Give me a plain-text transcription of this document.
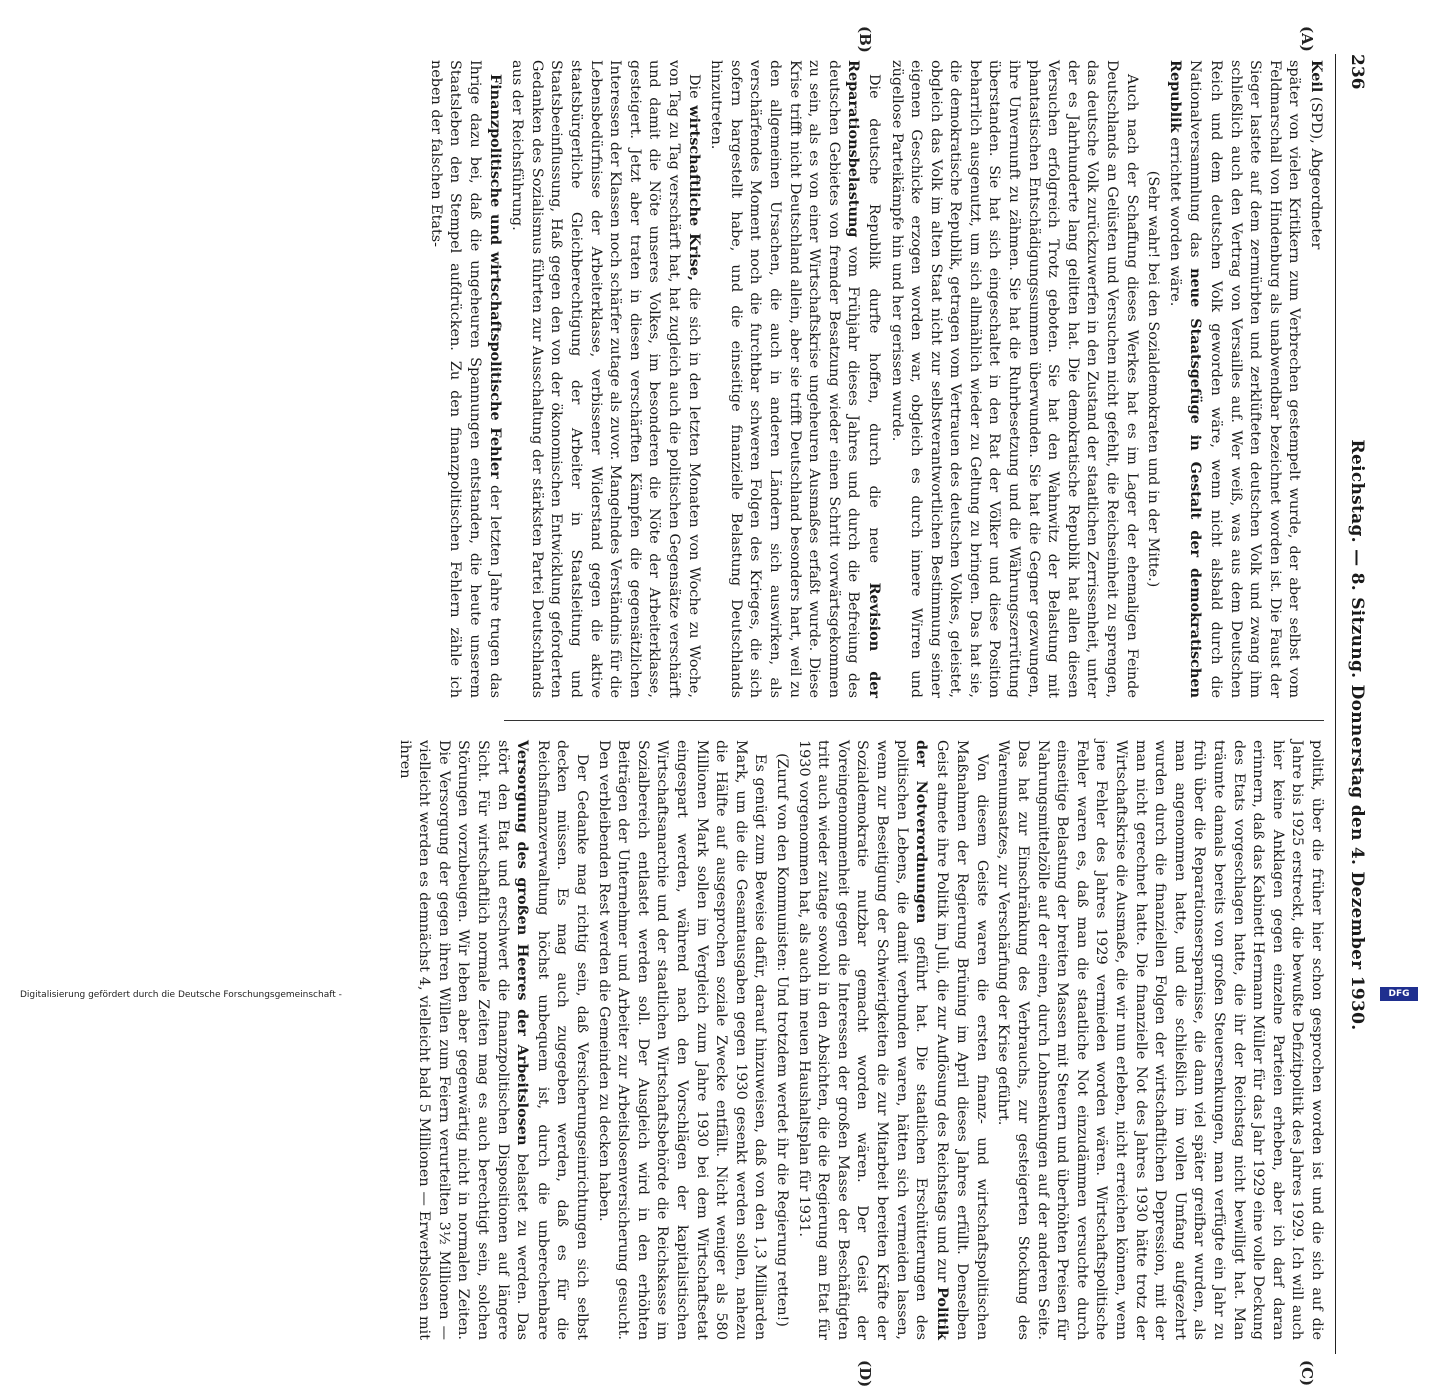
236
Reichstag. — 8. Sitzung. Donnerstag den 4. Dezember 1930.
(A)
(B)
(C)
(D)

Keil (SPD), Abgeordneter

später von vielen Kritikern zum Verbrechen gestempelt wurde, der aber selbst vom Feldmarschall von Hindenburg als unabwendbar bezeichnet worden ist. Die Faust der Sieger lastete auf dem zermürbten und zerklüfteten deutschen Volk und zwang ihm schließlich auch den Vertrag von Versailles auf. Wer weiß, was aus dem Deutschen Reich und dem deutschen Volk geworden wäre, wenn nicht alsbald durch die Nationalversammlung das neue Staatsgefüge in Gestalt der demokratischen Republik errichtet worden wäre.

(Sehr wahr! bei den Sozialdemokraten und in der Mitte.)

Auch nach der Schaffung dieses Werkes hat es im Lager der ehemaligen Feinde Deutschlands an Gelüsten und Versuchen nicht gefehlt, die Reichseinheit zu sprengen, das deutsche Volk zurückzuwerfen in den Zustand der staatlichen Zerrissenheit, unter der es Jahrhunderte lang gelitten hat. Die demokratische Republik hat allen diesen Versuchen erfolgreich Trotz geboten. Sie hat den Wahnwitz der Belastung mit phantastischen Entschädigungssummen überwunden. Sie hat die Gegner gezwungen, ihre Unvernunft zu zähmen. Sie hat die Ruhrbesetzung und die Währungszerrüttung überstanden. Sie hat sich eingeschaltet in den Rat der Völker und diese Position beharrlich ausgenutzt, um sich allmählich wieder zu Geltung zu bringen. Das hat sie, die demokratische Republik, getragen vom Vertrauen des deutschen Volkes, geleistet, obgleich das Volk im alten Staat nicht zur selbstverantwortlichen Bestimmung seiner eigenen Geschicke erzogen worden war, obgleich es durch innere Wirren und zügellose Parteikämpfe hin und her gerissen wurde.

Die deutsche Republik durfte hoffen, durch die neue Revision der Reparationsbelastung vom Frühjahr dieses Jahres und durch die Befreiung des deutschen Gebietes von fremder Besatzung wieder einen Schritt vorwärtsgekommen zu sein, als es von einer Wirtschaftskrise ungeheuren Ausmaßes erfaßt wurde. Diese Krise trifft nicht Deutschland allein, aber sie trifft Deutschland besonders hart, weil zu den allgemeinen Ursachen, die auch in anderen Ländern sich auswirken, als verschärfendes Moment noch die furchtbar schweren Folgen des Krieges, die sich sofern bargestellt habe, und die einseitige finanzielle Belastung Deutschlands hinzutreten.

Die wirtschaftliche Krise, die sich in den letzten Monaten von Woche zu Woche, von Tag zu Tag verschärft hat, hat zugleich auch die politischen Gegensätze verschärft und damit die Nöte unseres Volkes, im besonderen die Nöte der Arbeiterklasse, gesteigert. Jetzt aber traten in diesen verschärften Kämpfen die gegensätzlichen Interessen der Klassen noch schärfer zutage als zuvor. Mangelndes Verständnis für die Lebensbedürfnisse der Arbeiterklasse, verbissener Widerstand gegen die aktive staatsbürgerliche Gleichberechtigung der Arbeiter in Staatsleitung und Staatsbeeinflussung, Haß gegen den von der ökonomischen Entwicklung geforderten Gedanken des Sozialismus führten zur Ausschaltung der stärksten Partei Deutschlands aus der Reichsführung.

Finanzpolitische und wirtschaftspolitische Fehler der letzten Jahre trugen das Ihrige dazu bei, daß die ungeheuren Spannungen entstanden, die heute unserem Staatsleben den Stempel aufdrücken. Zu den finanzpolitischen Fehlern zähle ich neben der falschen Etats-

politik, über die früher hier schon gesprochen worden ist und die sich auf die Jahre bis 1925 erstreckt, die bewußte Defizitpolitik des Jahres 1929. Ich will auch hier keine Anklagen gegen einzelne Parteien erheben, aber ich darf daran erinnern, daß das Kabinett Hermann Müller für das Jahr 1929 eine volle Deckung des Etats vorgeschlagen hatte, die ihr der Reichstag nicht bewilligt hat. Man träumte damals bereits von großen Steuersenkungen, man verfügte ein Jahr zu früh über die Reparationsersparnisse, die dann viel später greifbar wurden, als man angenommen hatte, und die schließlich im vollen Umfang aufgezehrt wurden durch die finanziellen Folgen der wirtschaftlichen Depression, mit der man nicht gerechnet hatte. Die finanzielle Not des Jahres 1930 hätte trotz der Wirtschaftskrise die Ausmaße, die wir nun erleben, nicht erreichen können, wenn jene Fehler des Jahres 1929 vermieden worden wären. Wirtschaftspolitische Fehler waren es, daß man die staatliche Not einzudämmen versuchte durch einseitige Belastung der breiten Massen mit Steuern und überhöhten Preisen für Nahrungsmittelzölle auf der einen, durch Lohnsenkungen auf der anderen Seite. Das hat zur Einschränkung des Verbrauchs, zur gesteigerten Stockung des Warenumsatzes, zur Verschärfung der Krise geführt.

Von diesem Geiste waren die ersten finanz- und wirtschaftspolitischen Maßnahmen der Regierung Brüning im April dieses Jahres erfüllt. Denselben Geist atmete ihre Politik im Juli, die zur Auflösung des Reichstags und zur Politik der Notverordnungen geführt hat. Die staatlichen Erschütterungen des politischen Lebens, die damit verbunden waren, hätten sich vermeiden lassen, wenn zur Beseitigung der Schwierigkeiten die zur Mitarbeit bereiten Kräfte der Sozialdemokratie nutzbar gemacht worden wären. Der Geist der Voreingenommenheit gegen die Interessen der großen Masse der Beschäftigten tritt auch wieder zutage sowohl in den Absichten, die die Regierung am Etat für 1930 vorgenommen hat, als auch im neuen Haushaltsplan für 1931.

(Zuruf von den Kommunisten: Und trotzdem werdet ihr die Regierung retten!)

Es genügt zum Beweise dafür, darauf hinzuweisen, daß von den 1,3 Milliarden Mark, um die die Gesamtausgaben gegen 1930 gesenkt werden sollen, nahezu die Hälfte auf ausgesprochen soziale Zwecke entfällt. Nicht weniger als 580 Millionen Mark sollen im Vergleich zum Jahre 1930 bei dem Wirtschaftsetat eingespart werden, während nach den Vorschlägen der kapitalistischen Wirtschaftsanarchie und der staatlichen Wirtschaftsbehörde die Reichskasse im Sozialbereich entlastet werden soll. Der Ausgleich wird in den erhöhten Beiträgen der Unternehmer und Arbeiter zur Arbeitslosenversicherung gesucht. Den verbleibenden Rest werden die Gemeinden zu decken haben.

Der Gedanke mag richtig sein, daß Versicherungseinrichtungen sich selbst decken müssen. Es mag auch zugegeben werden, daß es für die Reichsfinanzverwaltung höchst unbequem ist, durch die unberechenbare Versorgung des großen Heeres der Arbeitslosen belastet zu werden. Das stört den Etat und erschwert die finanzpolitischen Dispositionen auf längere Sicht. Für wirtschaftlich normale Zeiten mag es auch berechtigt sein, solchen Störungen vorzubeugen. Wir leben aber gegenwärtig nicht in normalen Zeiten. Die Versorgung der gegen ihren Willen zum Feiern verurteilten 3½ Millionen — vielleicht werden es demnächst 4, vielleicht bald 5 Millionen — Erwerbslosen mit ihren

Digitalisierung gefördert durch die Deutsche Forschungsgemeinschaft -	DFG
